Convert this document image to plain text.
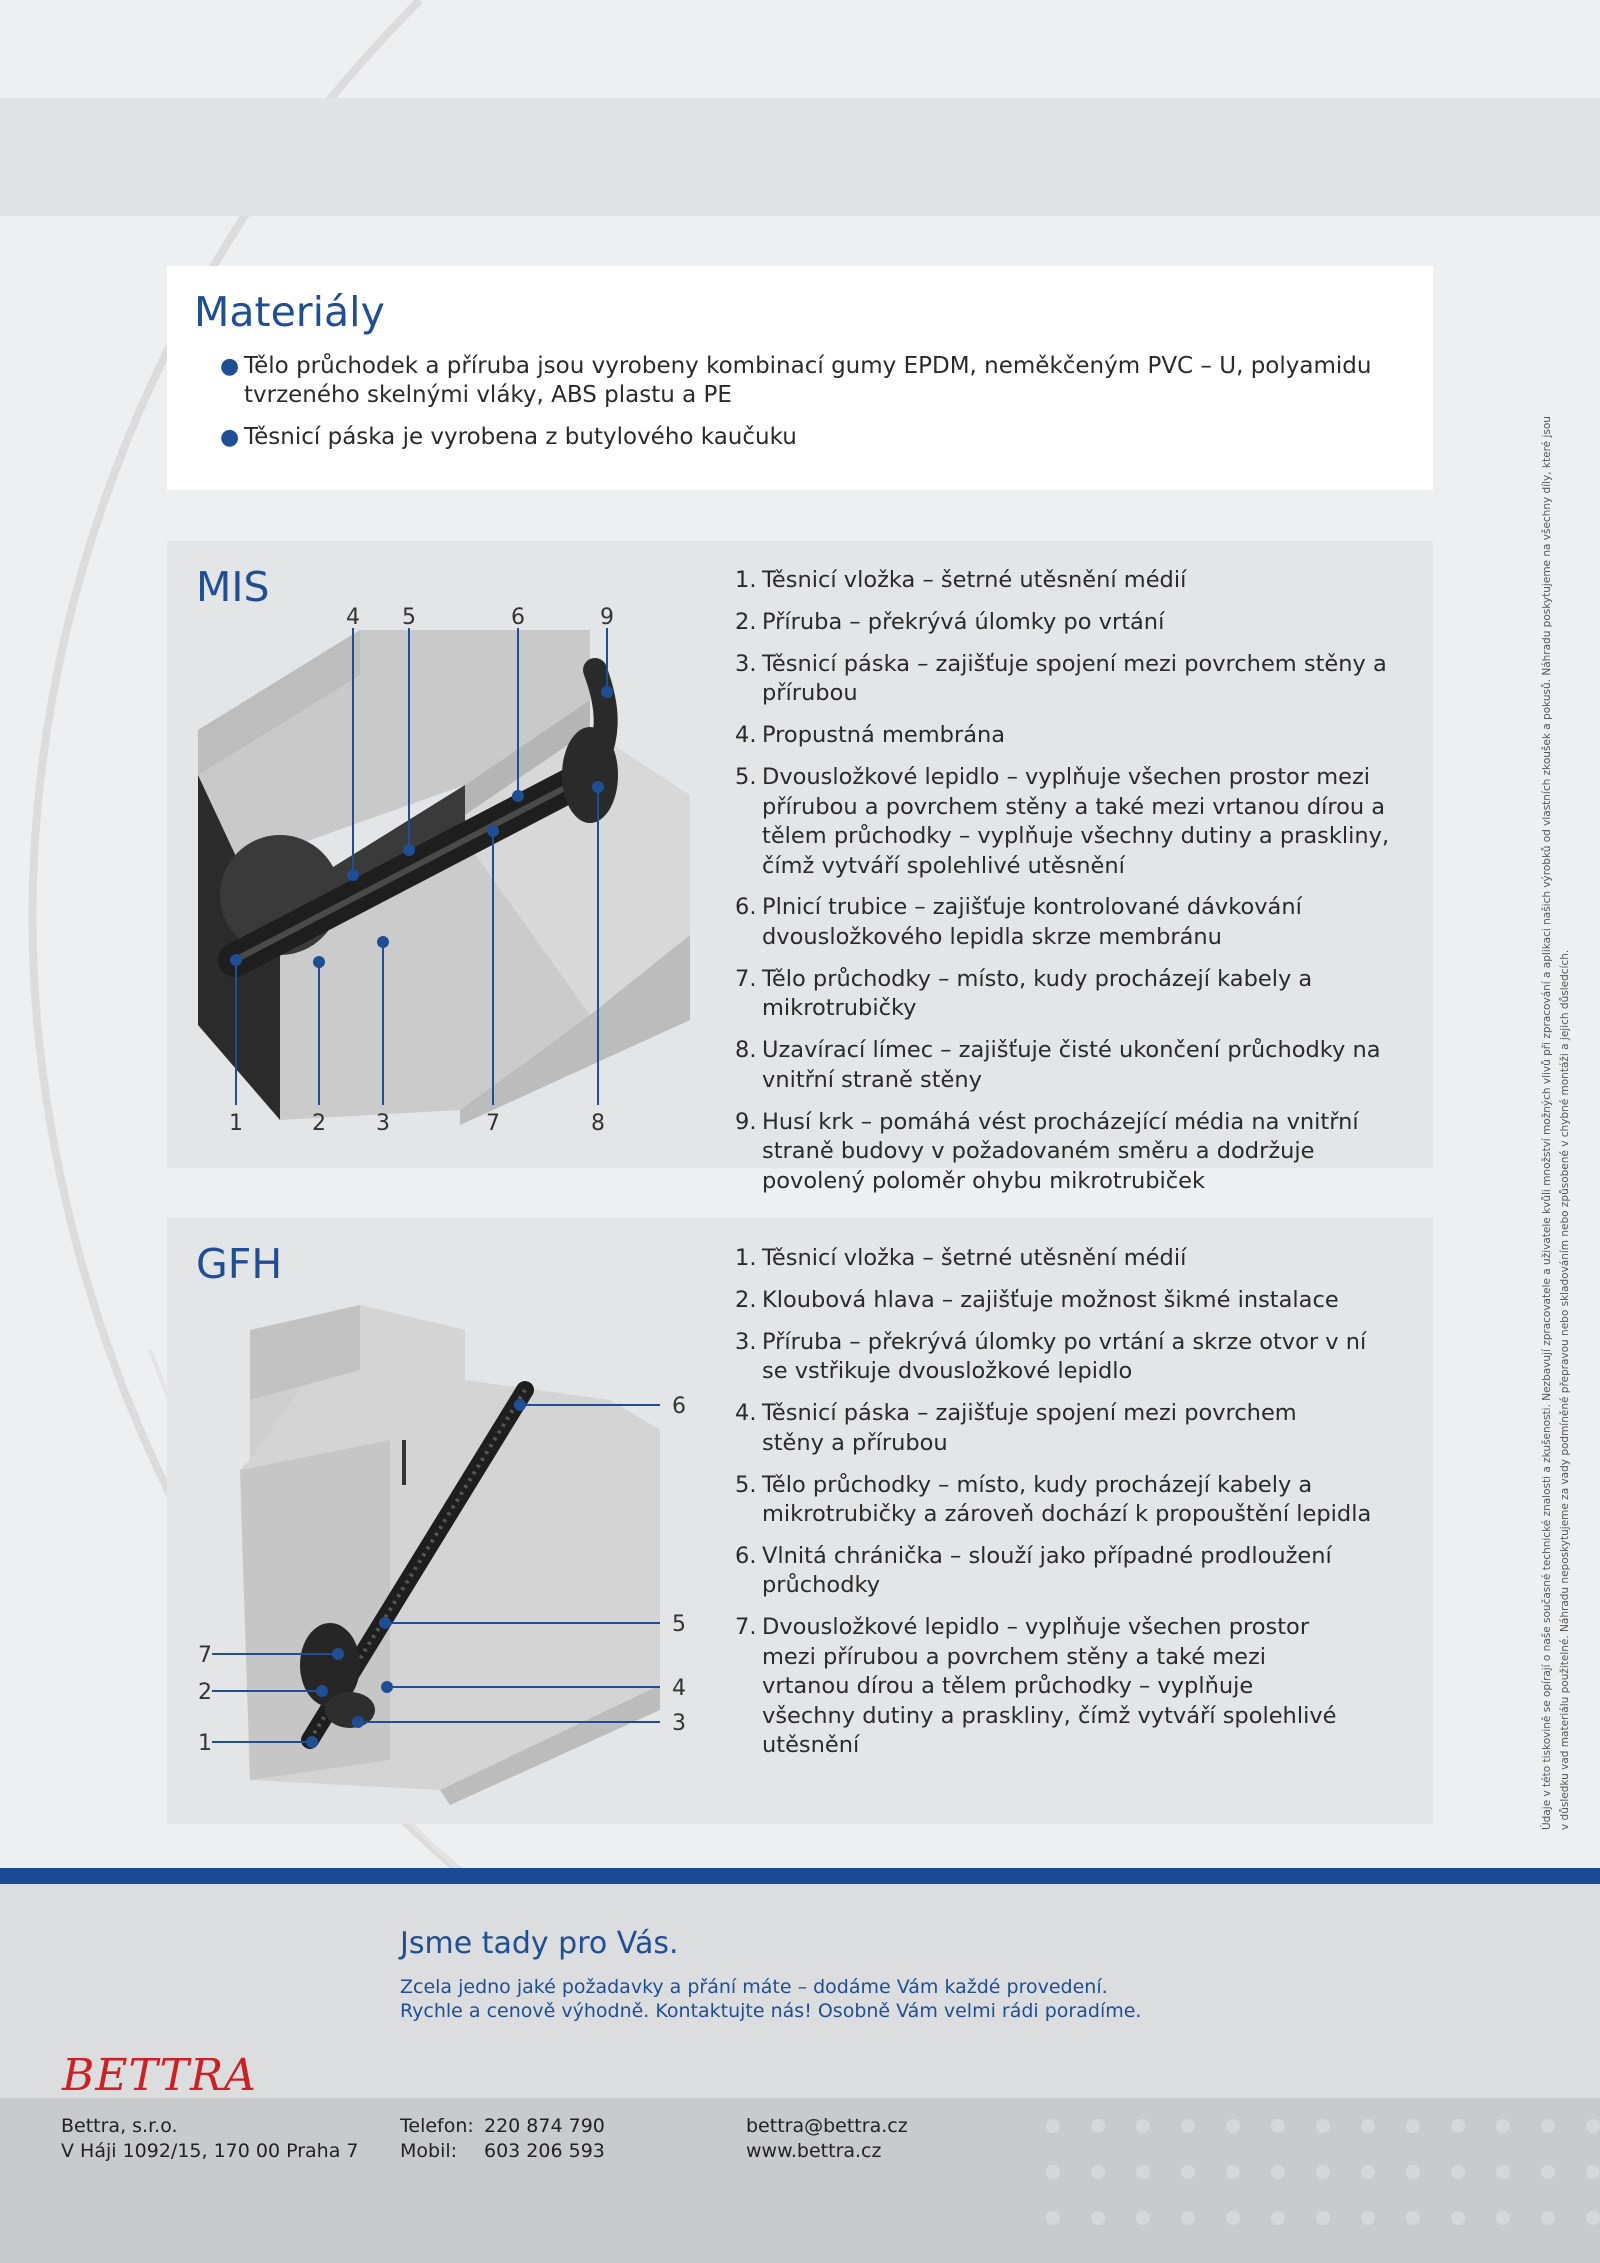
Materiály
● Tělo průchodek a příruba jsou vyrobeny kombinací gumy EPDM, neměkčeným PVC – U, polyamidu tvrzeného skelnými vláky, ABS plastu a PE
● Těsnicí páska je vyrobena z butylového kaučuku
MIS
4 5	6	9
1	2 3	7	8
1. Těsnicí vložka – šetrné utěsnění médií
2. Příruba – překrývá úlomky po vrtání
3. Těsnicí páska – zajišťuje spojení mezi povrchem stěny a přírubou
4. Propustná membrána
5. Dvousložkové lepidlo – vyplňuje všechen prostor mezi přírubou a povrchem stěny a také mezi vrtanou dírou a tělem průchodky – vyplňuje všechny dutiny a praskliny, čímž vytváří spolehlivé utěsnění
6. Plnicí trubice – zajišťuje kontrolované dávkování dvousložkového lepidla skrze membránu
7. Tělo průchodky – místo, kudy procházejí kabely a mikrotrubičky
8. Uzavírací límec – zajišťuje čisté ukončení průchodky na vnitřní straně stěny
9. Husí krk – pomáhá vést procházející média na vnitřní straně budovy v požadovaném směru a dodržuje povolený poloměr ohybu mikrotrubiček
GFH
6
5
4
3
7
2
1
1. Těsnicí vložka – šetrné utěsnění médií
2. Kloubová hlava – zajišťuje možnost šikmé instalace
3. Příruba – překrývá úlomky po vrtání a skrze otvor v ní se vstřikuje dvousložkové lepidlo
4. Těsnicí páska – zajišťuje spojení mezi povrchem stěny a přírubou
5. Tělo průchodky – místo, kudy procházejí kabely a mikrotrubičky a zároveň dochází k propouštění lepidla
6. Vlnitá chránička – slouží jako případné prodloužení průchodky
7. Dvousložkové lepidlo – vyplňuje všechen prostor mezi přírubou a povrchem stěny a také mezi vrtanou dírou a tělem průchodky – vyplňuje všechny dutiny a praskliny, čímž vytváří spolehlivé utěsnění	Údaje v této tiskovině se opírají o naše současné technické znalosti a zkušenosti. Nezbavují zpracovatele a uživatele kvůli množství možných vlivů při zpracování a aplikaci našich výrobků od vlastních zkoušek a pokusů. Náhradu poskytujeme na všechny díly, které jsou v důsledku vad materiálu použitelné. Náhradu neposkytujeme za vady podmíněné přepravou nebo skladováním nebo způsobené v chybné montáži a jejich důsledcích.
Jsme tady pro Vás.
Zcela jedno jaké požadavky a přání máte – dodáme Vám každé provedení.
Rychle a cenově výhodně. Kontaktujte nás! Osobně Vám velmi rádi poradíme.
BETTRA
Bettra, s.r.o.
V Háji 1092/15, 170 00 Praha 7
Telefon: 220 874 790
Mobil: 603 206 593
bettra@bettra.cz
www.bettra.cz
